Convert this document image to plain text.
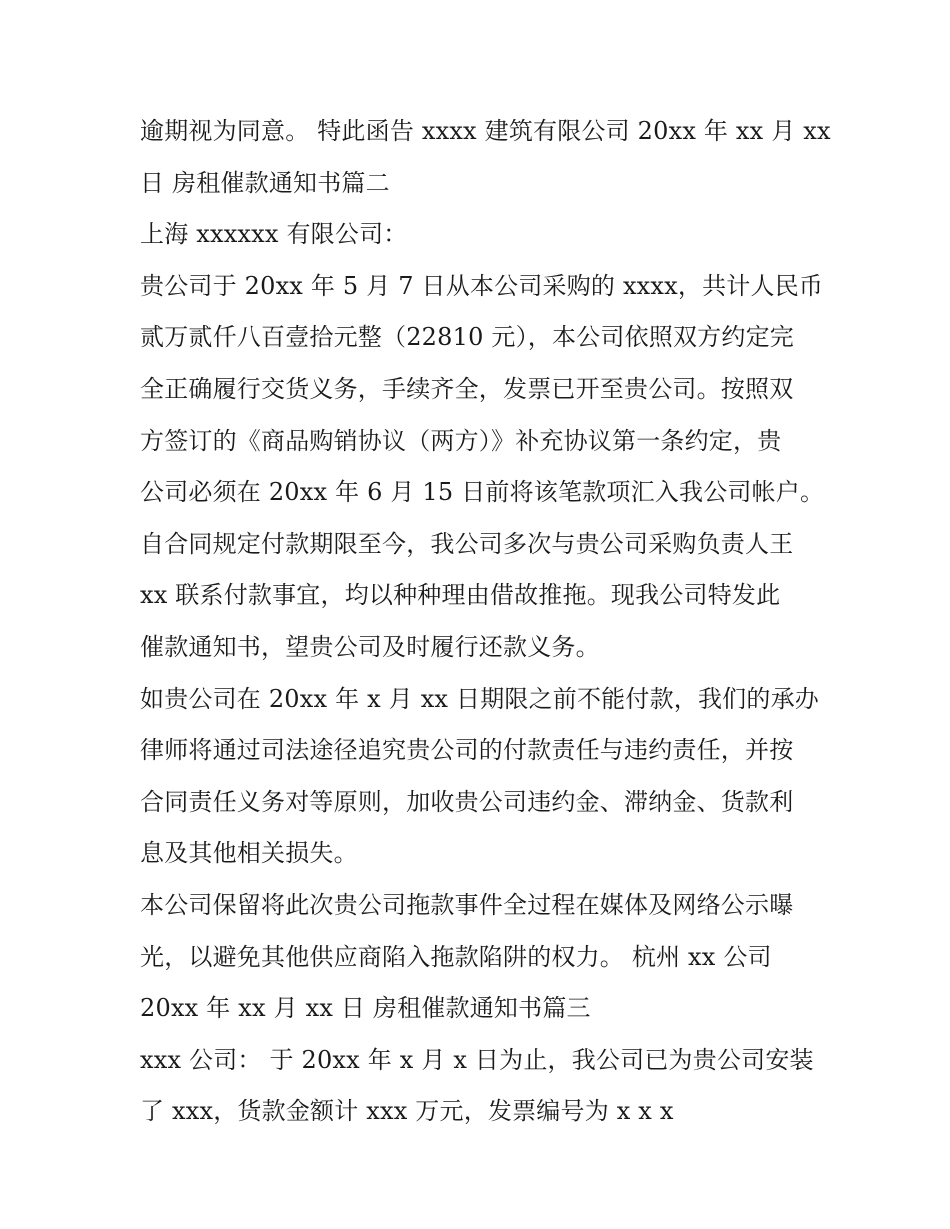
逾期视为同意。 特此函告 xxxx 建筑有限公司 20xx 年 xx 月 xx
日 房租催款通知书篇二
上海 xxxxxx 有限公司：
贵公司于 20xx 年 5 月 7 日从本公司采购的 xxxx，共计人民币
贰万贰仟八百壹拾元整（22810 元），本公司依照双方约定完
全正确履行交货义务，手续齐全，发票已开至贵公司。按照双
方签订的《商品购销协议（两方）》补充协议第一条约定，贵
公司必须在 20xx 年 6 月 15 日前将该笔款项汇入我公司帐户。
自合同规定付款期限至今，我公司多次与贵公司采购负责人王
xx 联系付款事宜，均以种种理由借故推拖。现我公司特发此
催款通知书，望贵公司及时履行还款义务。
如贵公司在 20xx 年 x 月 xx 日期限之前不能付款，我们的承办
律师将通过司法途径追究贵公司的付款责任与违约责任，并按
合同责任义务对等原则，加收贵公司违约金、滞纳金、货款利
息及其他相关损失。
本公司保留将此次贵公司拖款事件全过程在媒体及网络公示曝
光，以避免其他供应商陷入拖款陷阱的权力。 杭州 xx 公司
20xx 年 xx 月 xx 日 房租催款通知书篇三
xxx 公司： 于 20xx 年 x 月 x 日为止，我公司已为贵公司安装
了 xxx，货款金额计 xxx 万元，发票编号为 x x x
